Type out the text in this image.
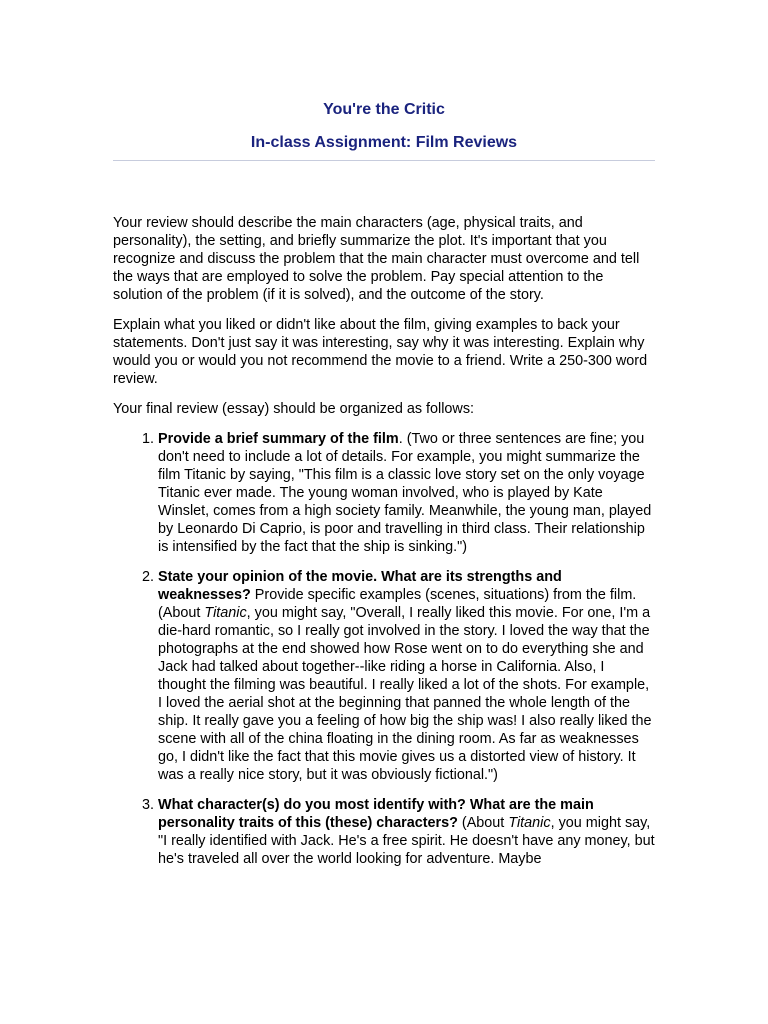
You're the Critic
In-class Assignment: Film Reviews

Your review should describe the main characters (age, physical traits, and personality), the setting, and briefly summarize the plot. It's important that you recognize and discuss the problem that the main character must overcome and tell the ways that are employed to solve the problem. Pay special attention to the solution of the problem (if it is solved), and the outcome of the story.

Explain what you liked or didn't like about the film, giving examples to back your statements. Don't just say it was interesting, say why it was interesting. Explain why would you or would you not recommend the movie to a friend. Write a 250-300 word review.

Your final review (essay) should be organized as follows:

1. Provide a brief summary of the film. (Two or three sentences are fine; you don't need to include a lot of details. For example, you might summarize the film Titanic by saying, "This film is a classic love story set on the only voyage Titanic ever made. The young woman involved, who is played by Kate Winslet, comes from a high society family. Meanwhile, the young man, played by Leonardo Di Caprio, is poor and travelling in third class. Their relationship is intensified by the fact that the ship is sinking.")
2. State your opinion of the movie. What are its strengths and weaknesses? Provide specific examples (scenes, situations) from the film. (About Titanic, you might say, "Overall, I really liked this movie. For one, I'm a die-hard romantic, so I really got involved in the story. I loved the way that the photographs at the end showed how Rose went on to do everything she and Jack had talked about together--like riding a horse in California. Also, I thought the filming was beautiful. I really liked a lot of the shots. For example, I loved the aerial shot at the beginning that panned the whole length of the ship. It really gave you a feeling of how big the ship was! I also really liked the scene with all of the china floating in the dining room. As far as weaknesses go, I didn't like the fact that this movie gives us a distorted view of history. It was a really nice story, but it was obviously fictional.")
3. What character(s) do you most identify with? What are the main personality traits of this (these) characters? (About Titanic, you might say, "I really identified with Jack. He's a free spirit. He doesn't have any money, but he's traveled all over the world looking for adventure. Maybe
